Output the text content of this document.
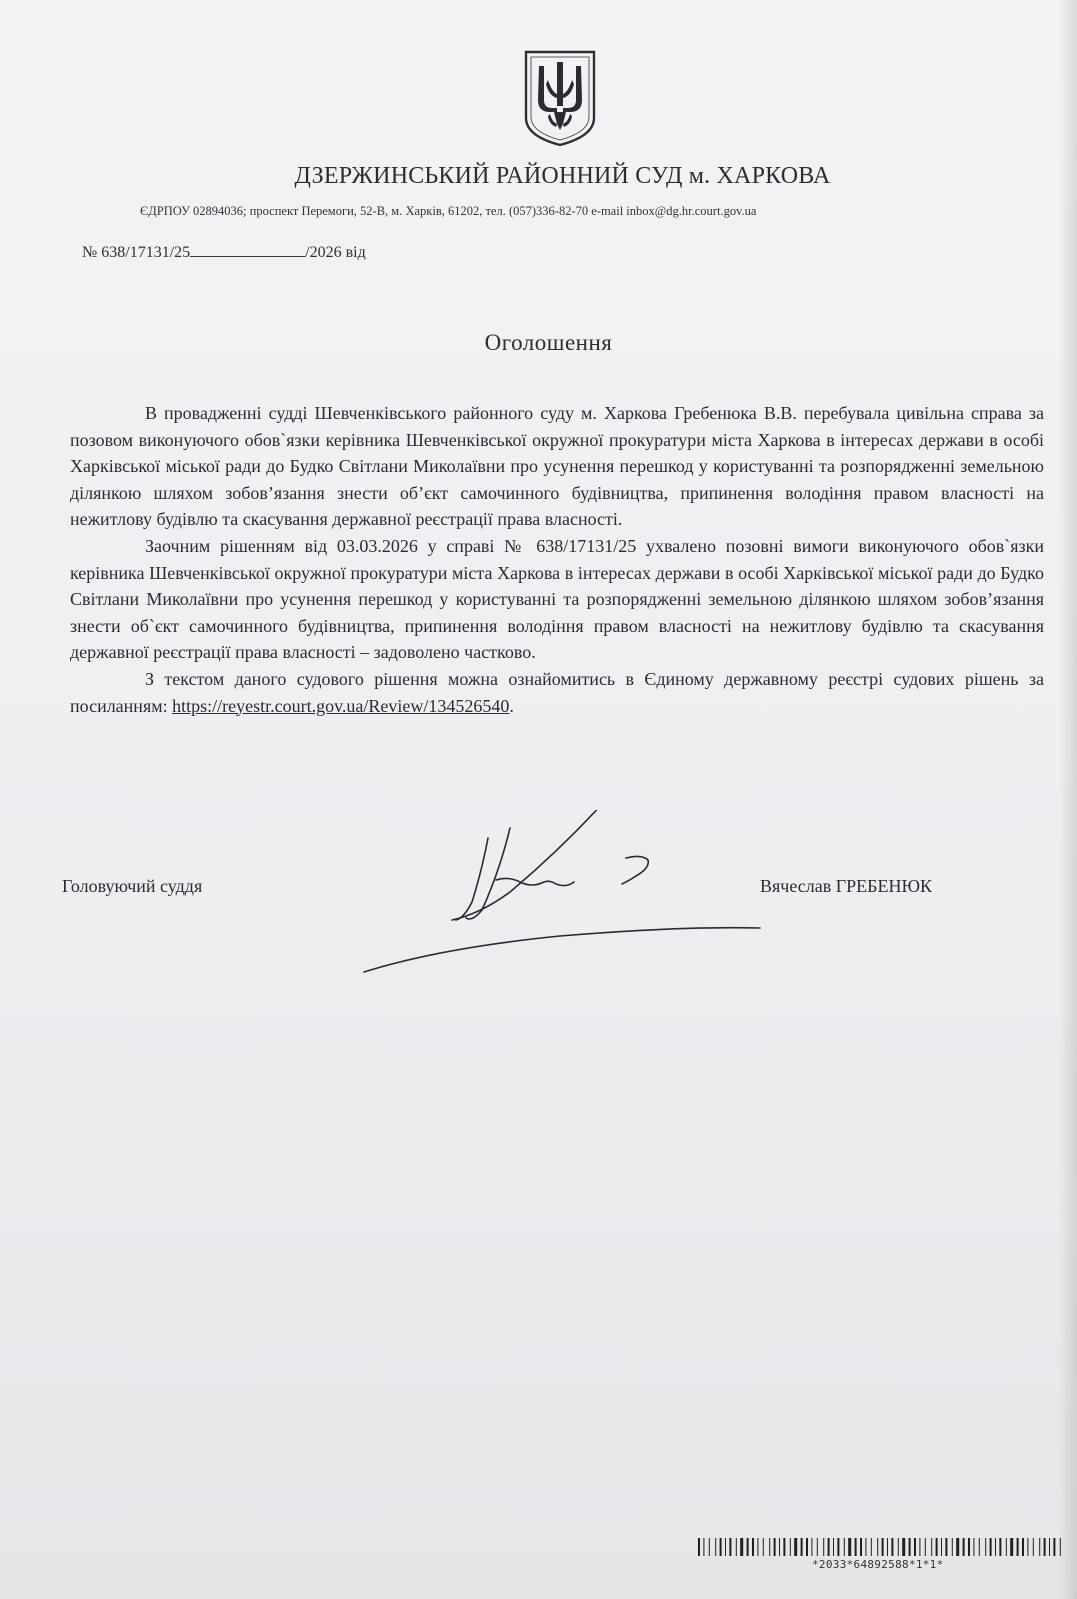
ДЗЕРЖИНСЬКИЙ РАЙОННИЙ СУД м. ХАРКОВА
ЄДРПОУ 02894036; проспект Перемоги, 52-В, м. Харків, 61202, тел. (057)336-82-70 e-mail inbox@dg.hr.court.gov.ua
№ 638/17131/25	/2026 від
Оголошення

В провадженні судді Шевченківського районного суду м. Харкова Гребенюка В.В. перебувала цивільна справа за позовом виконуючого обов`язки керівника Шевченківської окружної прокуратури міста Харкова в інтересах держави в особі Харківської міської ради до Будко Світлани Миколаївни про усунення перешкод у користуванні та розпорядженні земельною ділянкою шляхом зобов’язання знести об’єкт самочинного будівництва, припинення володіння правом власності на нежитлову будівлю та скасування державної реєстрації права власності.

Заочним рішенням від 03.03.2026 у справі № 638/17131/25 ухвалено позовні вимоги виконуючого обов`язки керівника Шевченківської окружної прокуратури міста Харкова в інтересах держави в особі Харківської міської ради до Будко Світлани Миколаївни про усунення перешкод у користуванні та розпорядженні земельною ділянкою шляхом зобов’язання знести об`єкт самочинного будівництва, припинення володіння правом власності на нежитлову будівлю та скасування державної реєстрації права власності – задоволено частково.

З текстом даного судового рішення можна ознайомитись в Єдиному державному реєстрі судових рішень за посиланням: https://reyestr.court.gov.ua/Review/134526540.

Головуючий суддя	Вячеслав ГРЕБЕНЮК
*2033*64892588*1*1*
